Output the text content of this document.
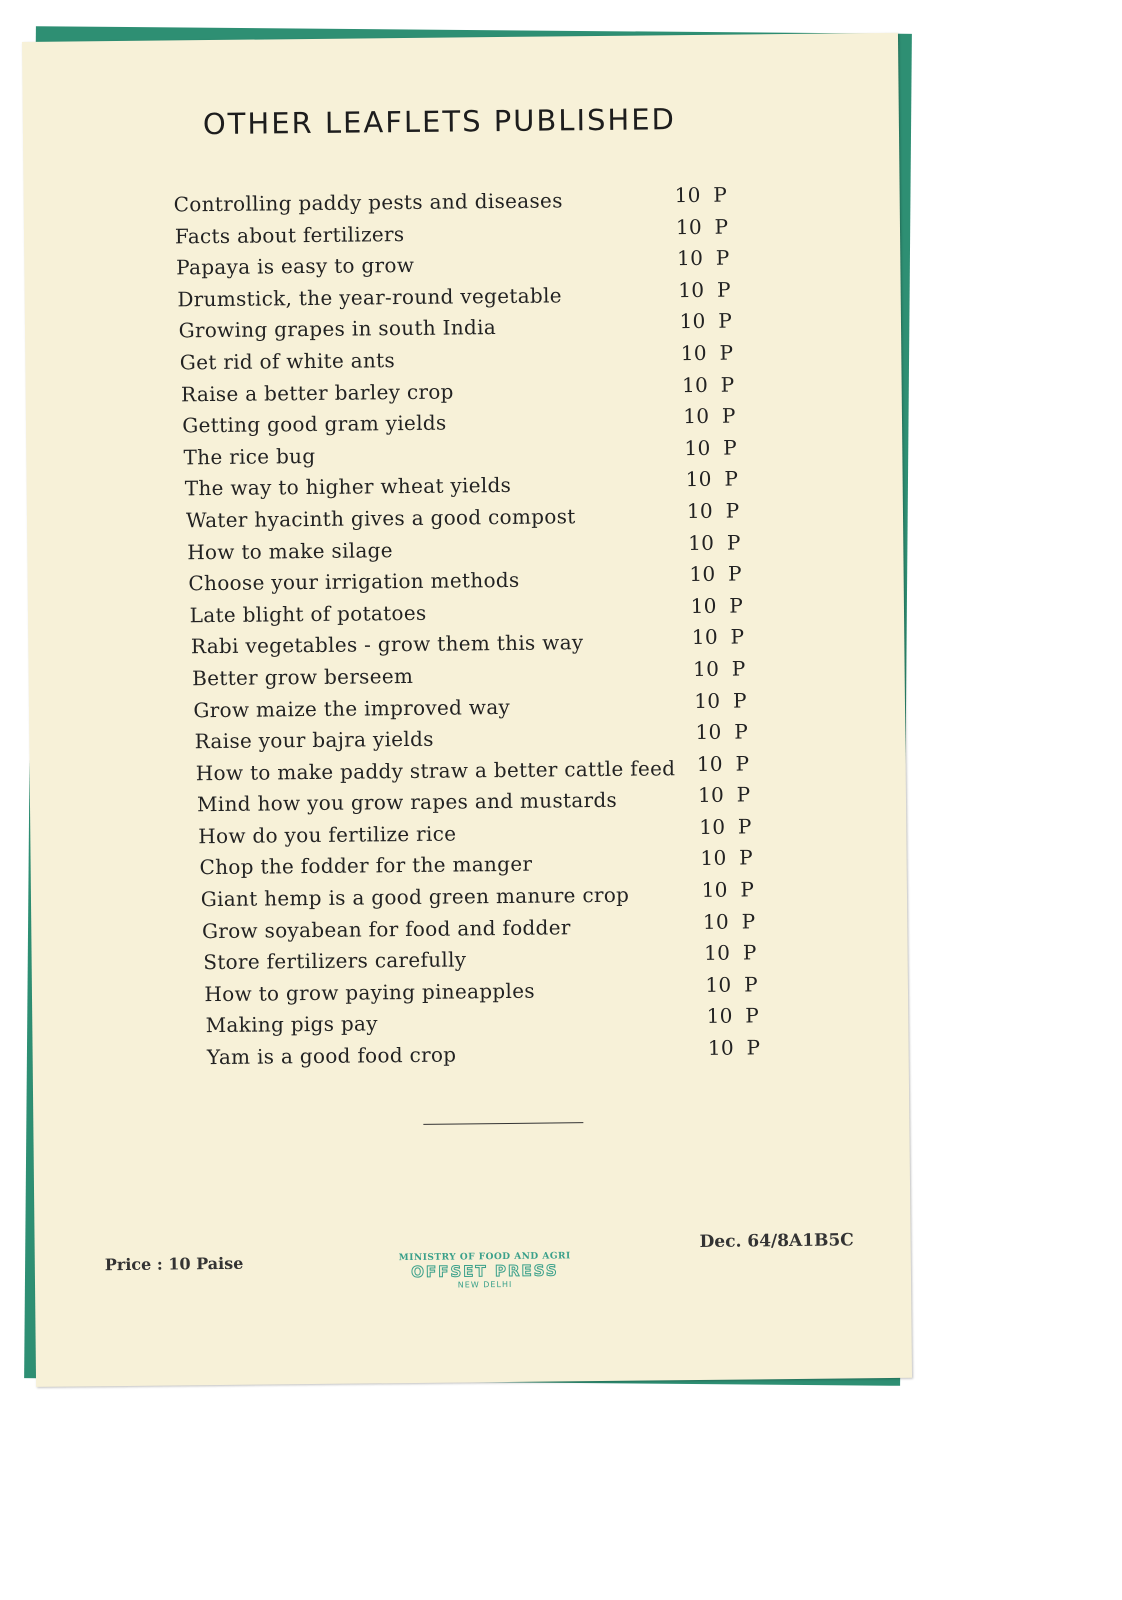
OTHER LEAFLETS PUBLISHED
Controlling paddy pests and diseases	10 P
Facts about fertilizers	10 P
Papaya is easy to grow	10 P
Drumstick, the year-round vegetable	10 P
Growing grapes in south India	10 P
Get rid of white ants	10 P
Raise a better barley crop	10 P
Getting good gram yields	10 P
The rice bug	10 P
The way to higher wheat yields	10 P
Water hyacinth gives a good compost	10 P
How to make silage	10 P
Choose your irrigation methods	10 P
Late blight of potatoes	10 P
Rabi vegetables - grow them this way	10 P
Better grow berseem	10 P
Grow maize the improved way	10 P
Raise your bajra yields	10 P
How to make paddy straw a better cattle feed 10 P
Mind how you grow rapes and mustards	10 P
How do you fertilize rice	10 P
Chop the fodder for the manger	10 P
Giant hemp is a good green manure crop	10 P
Grow soyabean for food and fodder	10 P
Store fertilizers carefully	10 P
How to grow paying pineapples	10 P
Making pigs pay	10 P
Yam is a good food crop	10 P
Price : 10 Paise	MINISTRY OF FOOD AND AGRI
OFFSET PRESS
NEW DELHI
Dec. 64/8A1B5C
